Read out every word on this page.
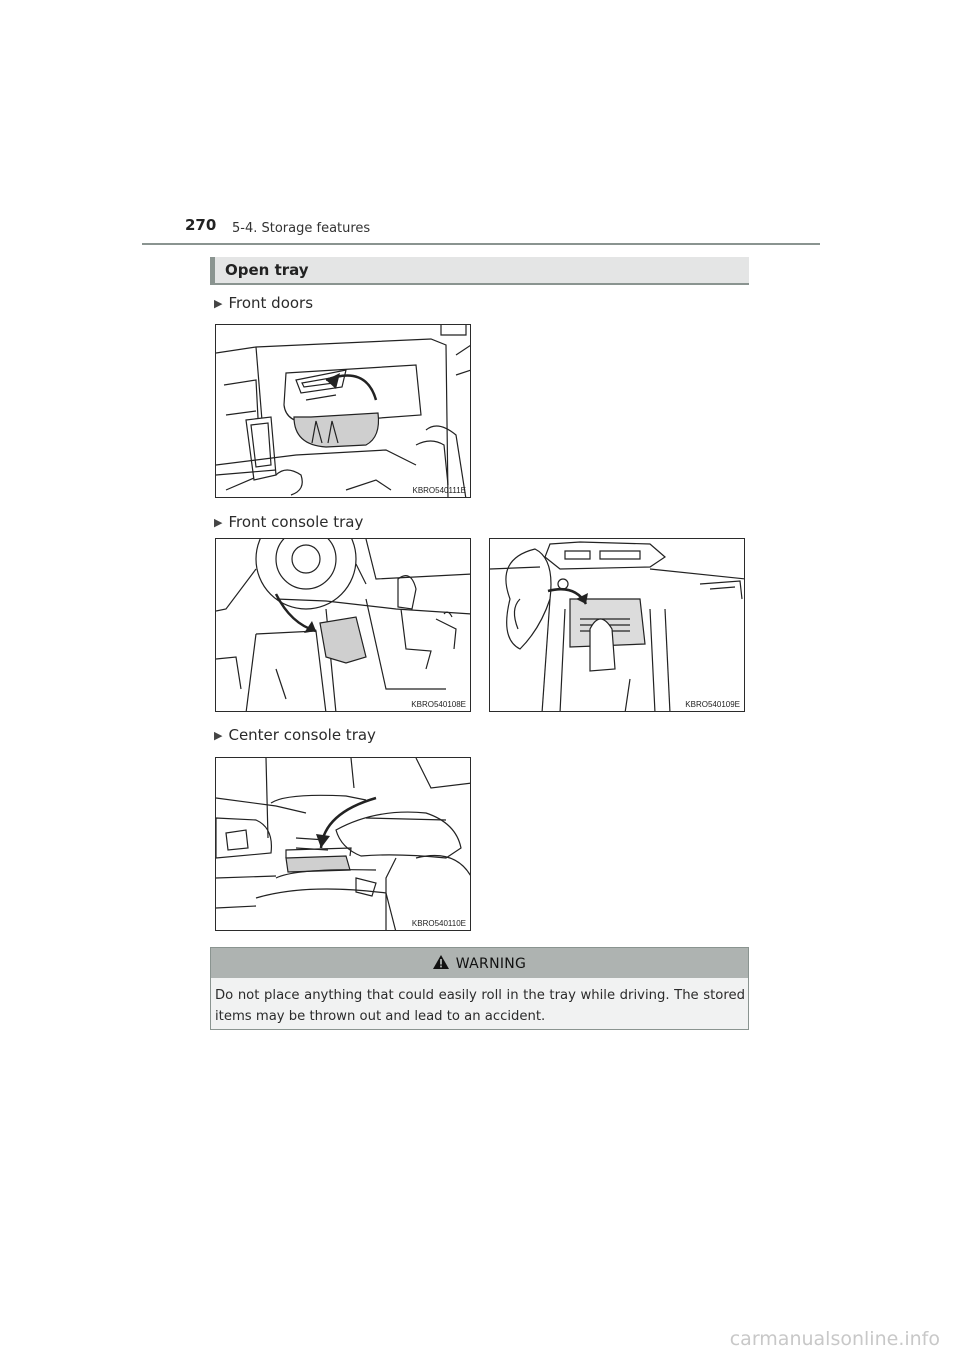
270 5-4. Storage features
Open tray
▶ Front doors
KBRO540111E
▶ Front console tray
KBRO540108E	KBRO540109E
▶ Center console tray
KBRO540110E
WARNING
Do not place anything that could easily roll in the tray while driving. The stored items may be thrown out and lead to an accident.
carmanualsonline.info
